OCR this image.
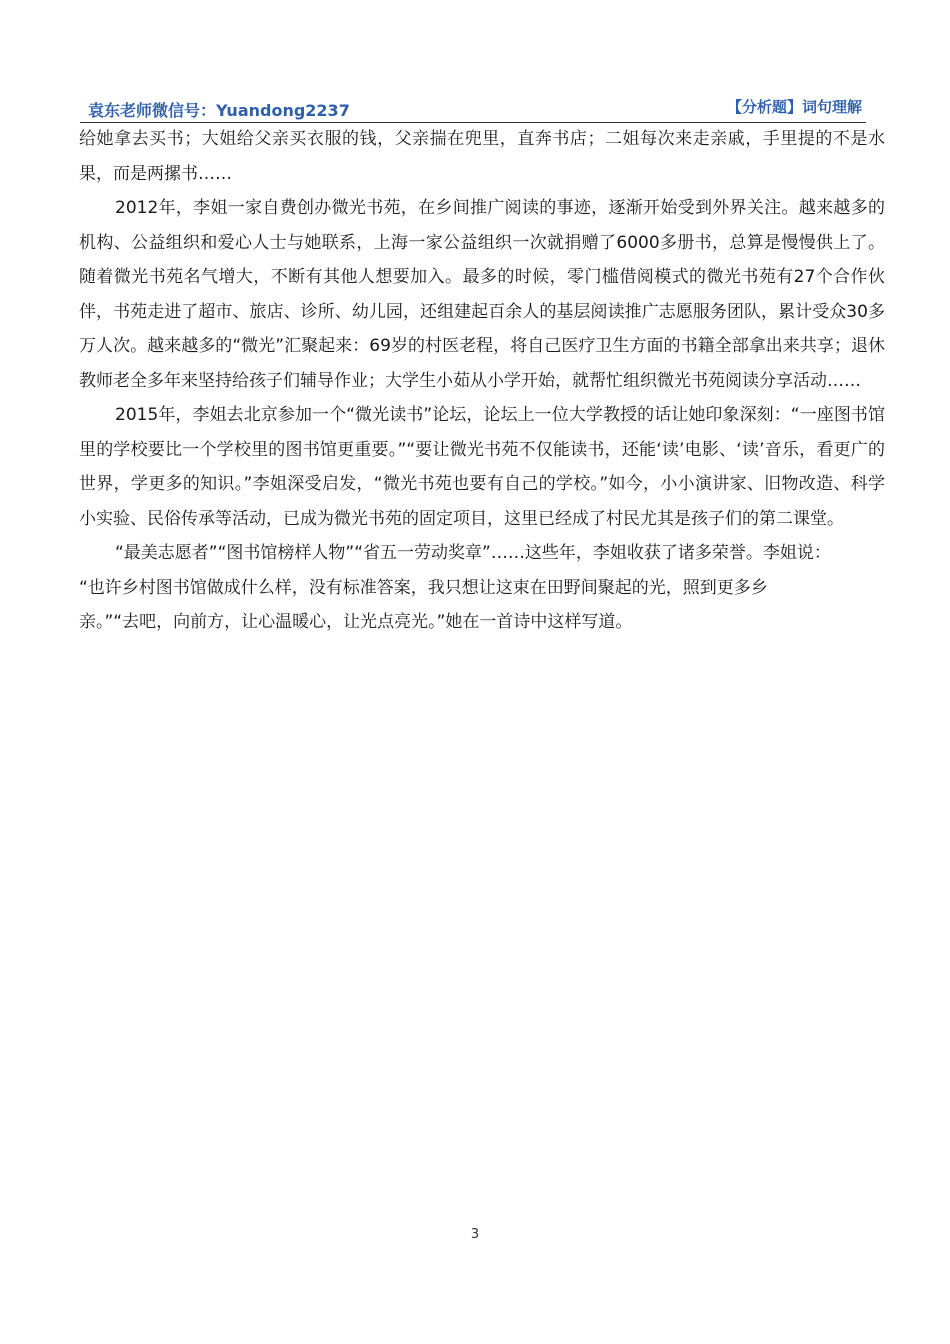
袁东老师微信号：Yuandong2237	【分析题】词句理解

给她拿去买书；大姐给父亲买衣服的钱，父亲揣在兜里，直奔书店；二姐每次来走亲戚，手里提的不是水果，而是两摞书……

2012年，李姐一家自费创办微光书苑，在乡间推广阅读的事迹，逐渐开始受到外界关注。越来越多的机构、公益组织和爱心人士与她联系，上海一家公益组织一次就捐赠了6000多册书，总算是慢慢供上了。随着微光书苑名气增大，不断有其他人想要加入。最多的时候，零门槛借阅模式的微光书苑有27个合作伙伴，书苑走进了超市、旅店、诊所、幼儿园，还组建起百余人的基层阅读推广志愿服务团队，累计受众30多万人次。越来越多的“微光”汇聚起来：69岁的村医老程，将自己医疗卫生方面的书籍全部拿出来共享；退休教师老全多年来坚持给孩子们辅导作业；大学生小茹从小学开始，就帮忙组织微光书苑阅读分享活动……

2015年，李姐去北京参加一个“微光读书”论坛，论坛上一位大学教授的话让她印象深刻：“一座图书馆里的学校要比一个学校里的图书馆更重要。”“要让微光书苑不仅能读书，还能‘读’电影、‘读’音乐，看更广的世界，学更多的知识。”李姐深受启发，“微光书苑也要有自己的学校。”如今，小小演讲家、旧物改造、科学小实验、民俗传承等活动，已成为微光书苑的固定项目，这里已经成了村民尤其是孩子们的第二课堂。

“最美志愿者”“图书馆榜样人物”“省五一劳动奖章”……这些年，李姐收获了诸多荣誉。李姐说：

“也许乡村图书馆做成什么样，没有标准答案，我只想让这束在田野间聚起的光，照到更多乡

亲。”“去吧，向前方，让心温暖心，让光点亮光。”她在一首诗中这样写道。

3
